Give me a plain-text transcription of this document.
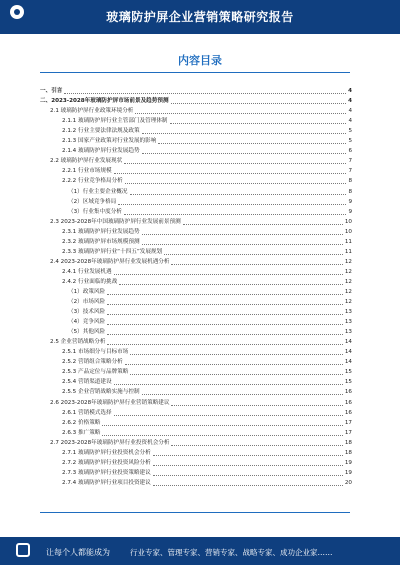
玻璃防护屏企业营销策略研究报告
内容目录
一、引言	4
二、2023-2028年玻璃防护屏市场前景及趋势预测	4
2.1 玻璃防护屏行业政策环境分析	4
2.1.1 玻璃防护屏行业主管部门及管理体制	4
2.1.2 行业主要法律法规及政策	5
2.1.3 国家产业政策对行业发展的影响	5
2.1.4 玻璃防护屏行业发展趋势	6
2.2 玻璃防护屏行业发展现状	7
2.2.1 行业市场规模	7
2.2.2 行业竞争格局分析	8
（1）行业主要企业概况	8
（2）区域竞争格局	9
（3）行业集中度分析	9
2.3 2023-2028年中国玻璃防护屏行业发展前景预测	10
2.3.1 玻璃防护屏行业发展趋势	10
2.3.2 玻璃防护屏市场规模预测	11
2.3.3 玻璃防护屏行业“十四五”发展规划	11
2.4 2023-2028年玻璃防护屏行业发展机遇分析	12
2.4.1 行业发展机遇	12
2.4.2 行业面临的挑战	12
（1）政策风险	12
（2）市场风险	12
（3）技术风险	13
（4）竞争风险	13
（5）其他风险	13
2.5 企业营销战略分析	14
2.5.1 市场细分与目标市场	14
2.5.2 营销组合策略分析	14
2.5.3 产品定位与品牌策略	15
2.5.4 营销渠道建设	15
2.5.5 企业营销战略实施与控制	16
2.6 2023-2028年玻璃防护屏行业营销策略建议	16
2.6.1 营销模式选择	16
2.6.2 价格策略	17
2.6.3 推广策略	17
2.7 2023-2028年玻璃防护屏行业投资机会分析	18
2.7.1 玻璃防护屏行业投资机会分析	18
2.7.2 玻璃防护屏行业投资风险分析	19
2.7.3 玻璃防护屏行业投资策略建议	19
2.7.4 玻璃防护屏行业项目投资建议	20
让每个人都能成为	行业专家、管理专家、营销专家、战略专家、成功企业家……
